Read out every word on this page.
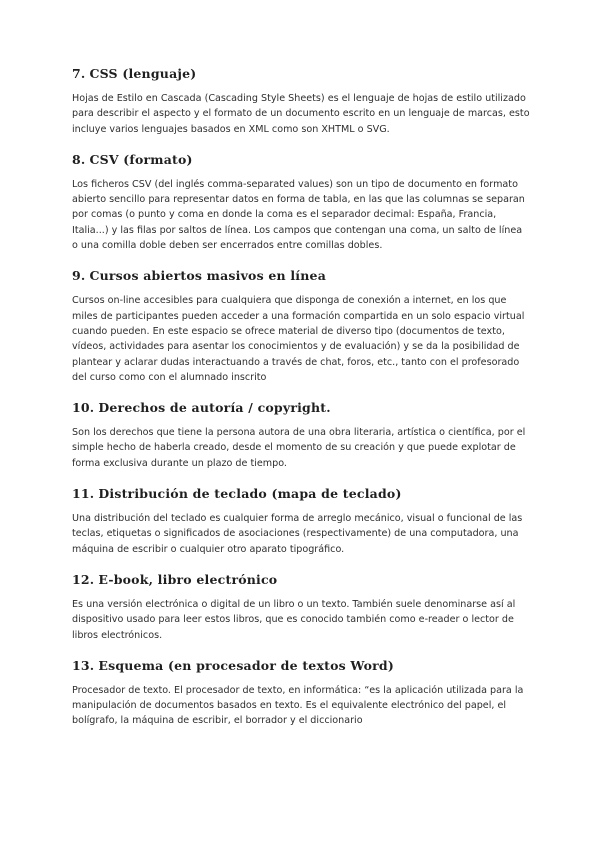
7. CSS (lenguaje)

Hojas de Estilo en Cascada (Cascading Style Sheets) es el lenguaje de hojas de estilo utilizado para describir el aspecto y el formato de un documento escrito en un lenguaje de marcas, esto incluye varios lenguajes basados en XML como son XHTML o SVG.

8. CSV (formato)

Los ficheros CSV (del inglés comma-separated values) son un tipo de documento en formato abierto sencillo para representar datos en forma de tabla, en las que las columnas se separan por comas (o punto y coma en donde la coma es el separador decimal: España, Francia, Italia...) y las filas por saltos de línea. Los campos que contengan una coma, un salto de línea o una comilla doble deben ser encerrados entre comillas dobles.

9. Cursos abiertos masivos en línea

Cursos on-line accesibles para cualquiera que disponga de conexión a internet, en los que miles de participantes pueden acceder a una formación compartida en un solo espacio virtual cuando pueden. En este espacio se ofrece material de diverso tipo (documentos de texto, vídeos, actividades para asentar los conocimientos y de evaluación) y se da la posibilidad de plantear y aclarar dudas interactuando a través de chat, foros, etc., tanto con el profesorado del curso como con el alumnado inscrito

10. Derechos de autoría / copyright.

Son los derechos que tiene la persona autora de una obra literaria, artística o científica, por el simple hecho de haberla creado, desde el momento de su creación y que puede explotar de forma exclusiva durante un plazo de tiempo.

11. Distribución de teclado (mapa de teclado)

Una distribución del teclado es cualquier forma de arreglo mecánico, visual o funcional de las teclas, etiquetas o significados de asociaciones (respectivamente) de una computadora, una máquina de escribir o cualquier otro aparato tipográfico.

12. E-book, libro electrónico

Es una versión electrónica o digital de un libro o un texto. También suele denominarse así al dispositivo usado para leer estos libros, que es conocido también como e-reader o lector de libros electrónicos.

13. Esquema (en procesador de textos Word)

Procesador de texto. El procesador de texto, en informática: “es la aplicación utilizada para la manipulación de documentos basados en texto. Es el equivalente electrónico del papel, el bolígrafo, la máquina de escribir, el borrador y el diccionario
